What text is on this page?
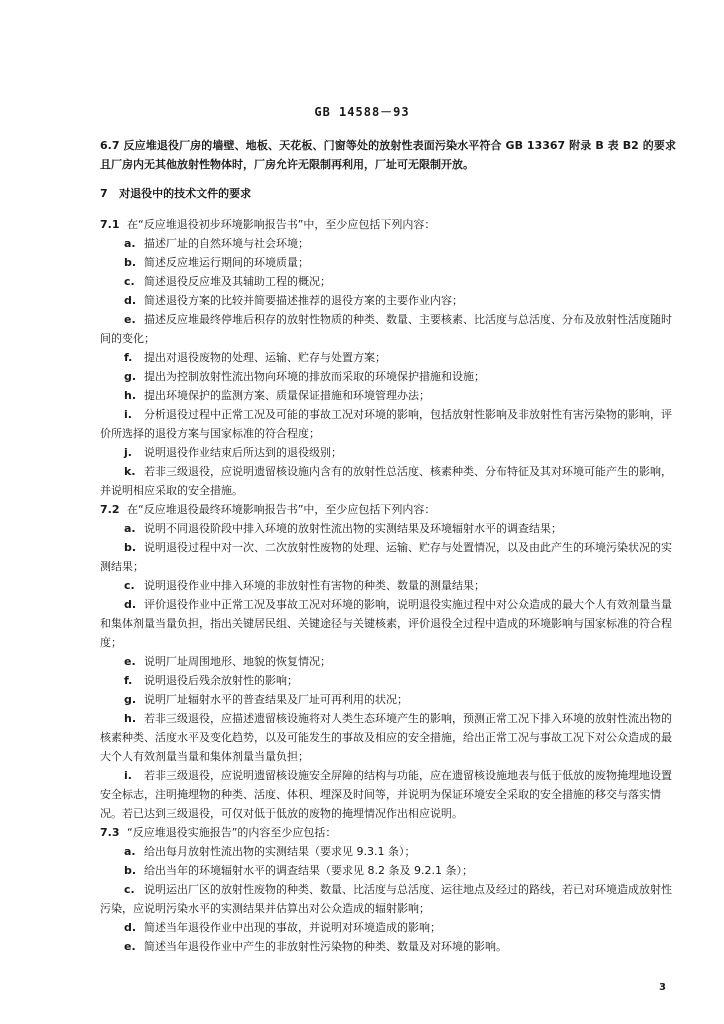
GB 14588－93

6.7 反应堆退役厂房的墙壁、地板、天花板、门窗等处的放射性表面污染水平符合 GB 13367 附录 B 表 B2 的要求且厂房内无其他放射性物体时，厂房允许无限制再利用，厂址可无限制开放。

7 对退役中的技术文件的要求

7.1 在“反应堆退役初步环境影响报告书”中，至少应包括下列内容：

a. 描述厂址的自然环境与社会环境；

b. 简述反应堆运行期间的环境质量；

c. 简述退役反应堆及其辅助工程的概况；

d. 简述退役方案的比较并简要描述推荐的退役方案的主要作业内容；

e. 描述反应堆最终停堆后积存的放射性物质的种类、数量、主要核素、比活度与总活度、分布及放射性活度随时间的变化；

f. 提出对退役废物的处理、运输、贮存与处置方案；

g. 提出为控制放射性流出物向环境的排放而采取的环境保护措施和设施；

h. 提出环境保护的监测方案、质量保证措施和环境管理办法；

i. 分析退役过程中正常工况及可能的事故工况对环境的影响，包括放射性影响及非放射性有害污染物的影响，评价所选择的退役方案与国家标准的符合程度；

j. 说明退役作业结束后所达到的退役级别；

k. 若非三级退役，应说明遗留核设施内含有的放射性总活度、核素种类、分布特征及其对环境可能产生的影响，并说明相应采取的安全措施。

7.2 在“反应堆退役最终环境影响报告书”中，至少应包括下列内容：

a. 说明不同退役阶段中排入环境的放射性流出物的实测结果及环境辐射水平的调查结果；

b. 说明退役过程中对一次、二次放射性废物的处理、运输、贮存与处置情况，以及由此产生的环境污染状况的实测结果；

c. 说明退役作业中排入环境的非放射性有害物的种类、数量的测量结果；

d. 评价退役作业中正常工况及事故工况对环境的影响，说明退役实施过程中对公众造成的最大个人有效剂量当量和集体剂量当量负担，指出关键居民组、关键途径与关键核素，评价退役全过程中造成的环境影响与国家标准的符合程度；

e. 说明厂址周围地形、地貌的恢复情况；

f. 说明退役后残余放射性的影响；

g. 说明厂址辐射水平的普查结果及厂址可再利用的状况；

h. 若非三级退役，应描述遗留核设施将对人类生态环境产生的影响，预测正常工况下排入环境的放射性流出物的核素种类、活度水平及变化趋势，以及可能发生的事故及相应的安全措施，给出正常工况与事故工况下对公众造成的最大个人有效剂量当量和集体剂量当量负担；

i. 若非三级退役，应说明遗留核设施安全屏障的结构与功能，应在遗留核设施地表与低于低放的废物掩埋地设置安全标志，注明掩埋物的种类、活度、体积、埋深及时间等，并说明为保证环境安全采取的安全措施的移交与落实情况。若已达到三级退役，可仅对低于低放的废物的掩埋情况作出相应说明。

7.3 “反应堆退役实施报告”的内容至少应包括：

a. 给出每月放射性流出物的实测结果（要求见 9.3.1 条）；

b. 给出当年的环境辐射水平的调查结果（要求见 8.2 条及 9.2.1 条）；

c. 说明运出厂区的放射性废物的种类、数量、比活度与总活度、运往地点及经过的路线，若已对环境造成放射性污染，应说明污染水平的实测结果并估算出对公众造成的辐射影响；

d. 简述当年退役作业中出现的事故，并说明对环境造成的影响；

e. 简述当年退役作业中产生的非放射性污染物的种类、数量及对环境的影响。

3
